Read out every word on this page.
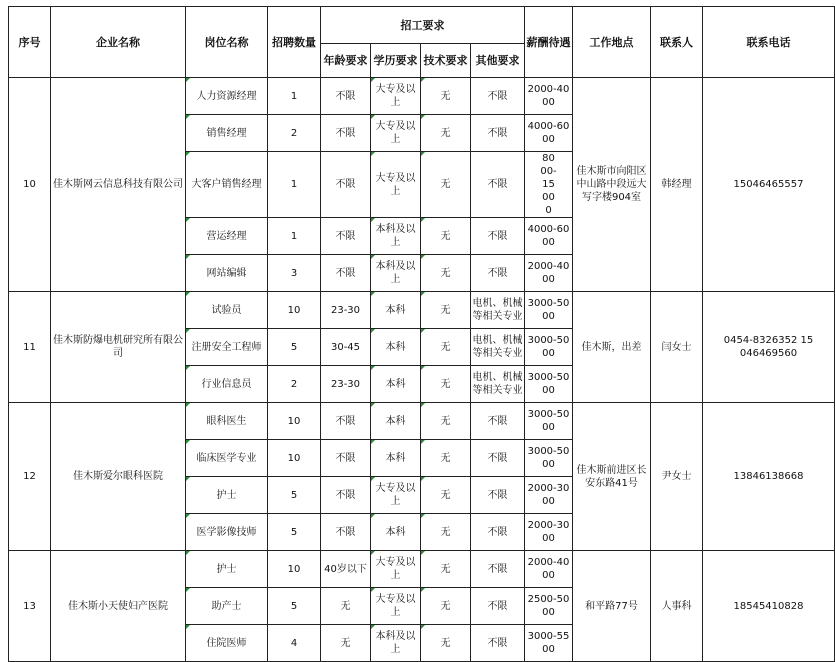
序号	企业名称	岗位名称	招聘数量	招工要求				薪酬待遇	工作地点	联系人	联系电话
				年龄要求	学历要求	技术要求	其他要求				
10	佳木斯网云信息科技有限公司	人力资源经理	1	不限	大专及以上	无	不限	2000-4000	佳木斯市向阳区中山路中段远大写字楼904室	韩经理	15046465557
		销售经理	2	不限	大专及以上	无	不限	4000-6000			
		大客户销售经理	1	不限	大专及以上	无	不限	8000-15000			
		营运经理	1	不限	本科及以上	无	不限	4000-6000			
		网站编辑	3	不限	本科及以上	无	不限	2000-4000			
11	佳木斯防爆电机研究所有限公司	试验员	10	23-30	本科	无	电机、机械等相关专业	3000-5000	佳木斯，出差	闫女士	0454-8326352 15046469560
		注册安全工程师	5	30-45	本科	无	电机、机械等相关专业	3000-5000			
		行业信息员	2	23-30	本科	无	电机、机械等相关专业	3000-5000			
12	佳木斯爱尔眼科医院	眼科医生	10	不限	本科	无	不限	3000-5000	佳木斯前进区长安东路41号	尹女士	13846138668
		临床医学专业	10	不限	本科	无	不限	3000-5000			
		护士	5	不限	大专及以上	无	不限	2000-3000			
		医学影像技师	5	不限	本科	无	不限	2000-3000			
13	佳木斯小天使妇产医院	护士	10	40岁以下	大专及以上	无	不限	2000-4000	和平路77号	人事科	18545410828
		助产士	5	无	大专及以上	无	不限	2500-5000			
		住院医师	4	无	本科及以上	无	不限	3000-5500			
